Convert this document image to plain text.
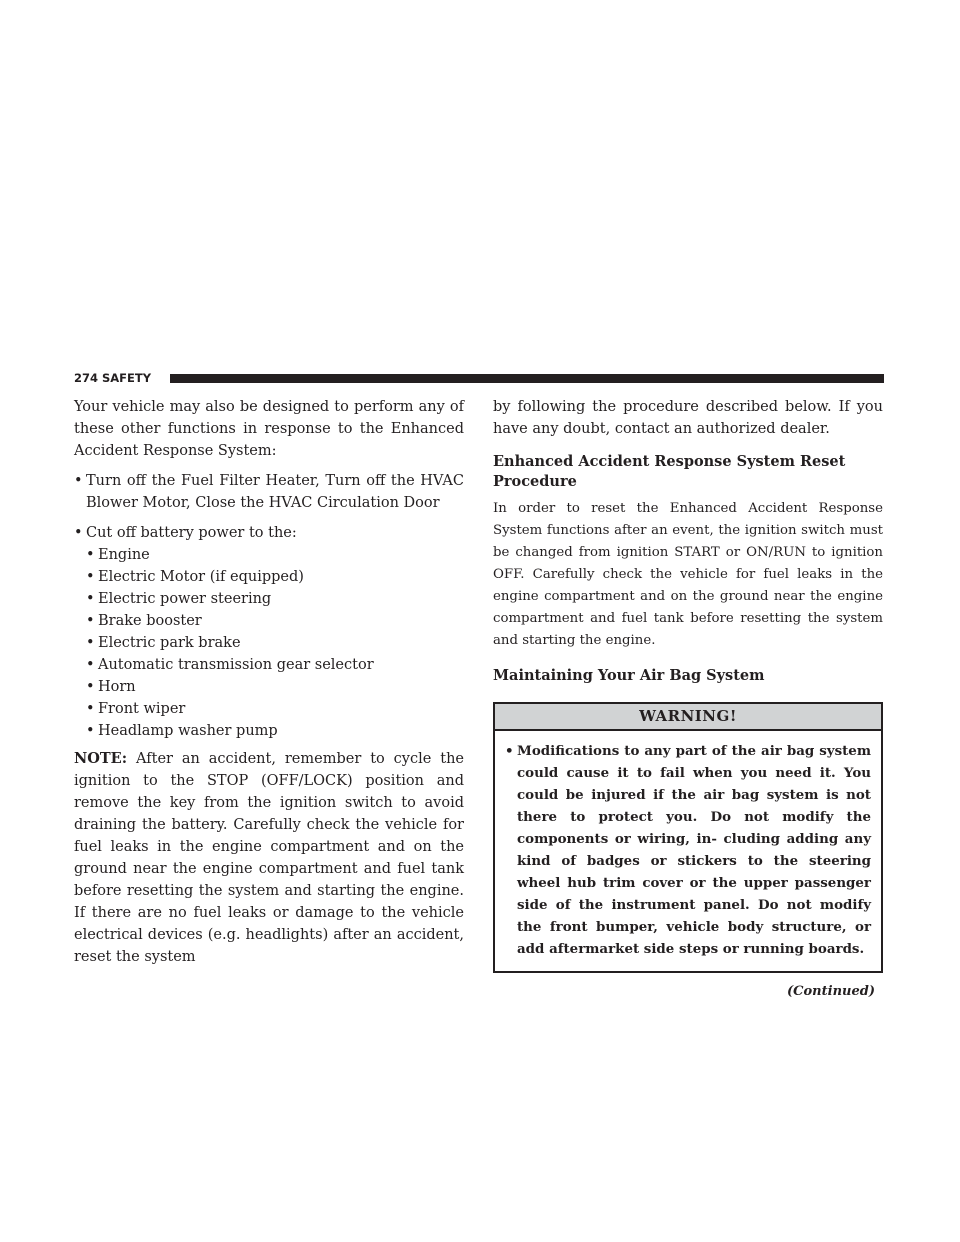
274 SAFETY

Your vehicle may also be designed to perform any of these other functions in response to the Enhanced Accident Response System:

• Turn off the Fuel Filter Heater, Turn off the HVAC Blower Motor, Close the HVAC Circulation Door
• Cut off battery power to the:
• Engine
• Electric Motor (if equipped)
• Electric power steering
• Brake booster
• Electric park brake
• Automatic transmission gear selector
• Horn
• Front wiper
• Headlamp washer pump

NOTE: After an accident, remember to cycle the ignition to the STOP (OFF/LOCK) position and remove the key from the ignition switch to avoid draining the battery. Carefully check the vehicle for fuel leaks in the engine compartment and on the ground near the engine compartment and fuel tank before resetting the system and starting the engine. If there are no fuel leaks or damage to the vehicle electrical devices (e.g. headlights) after an accident, reset the system

by following the procedure described below. If you have any doubt, contact an authorized dealer.

Enhanced Accident Response System Reset
Procedure

In order to reset the Enhanced Accident Response System functions after an event, the ignition switch must be changed from ignition START or ON/RUN to ignition OFF. Carefully check the vehicle for fuel leaks in the engine compartment and on the ground near the engine compartment and fuel tank before resetting the system and starting the engine.

Maintaining Your Air Bag System
WARNING!
• Modifications to any part of the air bag system could cause it to fail when you need it. You could be injured if the air bag system is not there to protect you. Do not modify the components or wiring, in- cluding adding any kind of badges or stickers to the steering wheel hub trim cover or the upper passenger side of the instrument panel. Do not modify the front bumper, vehicle body structure, or add aftermarket side steps or running boards.
(Continued)
